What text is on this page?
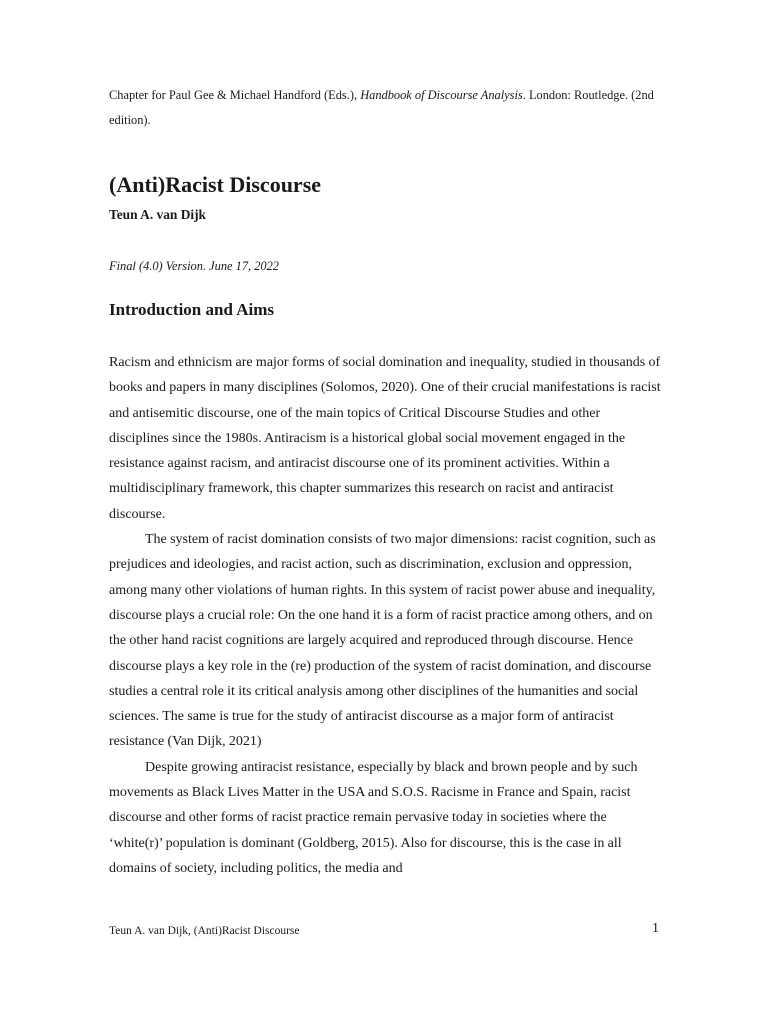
Chapter for Paul Gee & Michael Handford (Eds.), Handbook of Discourse Analysis. London: Routledge. (2nd edition).
(Anti)Racist Discourse
Teun A. van Dijk
Final (4.0) Version. June 17, 2022
Introduction and Aims

Racism and ethnicism are major forms of social domination and inequality, studied in thousands of books and papers in many disciplines (Solomos, 2020). One of their crucial manifestations is racist and antisemitic discourse, one of the main topics of Critical Discourse Studies and other disciplines since the 1980s. Antiracism is a historical global social movement engaged in the resistance against racism, and antiracist discourse one of its prominent activities. Within a multidisciplinary framework, this chapter summarizes this research on racist and antiracist discourse.

The system of racist domination consists of two major dimensions: racist cognition, such as prejudices and ideologies, and racist action, such as discrimination, exclusion and oppression, among many other violations of human rights. In this system of racist power abuse and inequality, discourse plays a crucial role: On the one hand it is a form of racist practice among others, and on the other hand racist cognitions are largely acquired and reproduced through discourse. Hence discourse plays a key role in the (re) production of the system of racist domination, and discourse studies a central role it its critical analysis among other disciplines of the humanities and social sciences. The same is true for the study of antiracist discourse as a major form of antiracist resistance (Van Dijk, 2021)

Despite growing antiracist resistance, especially by black and brown people and by such movements as Black Lives Matter in the USA and S.O.S. Racisme in France and Spain, racist discourse and other forms of racist practice remain pervasive today in societies where the ‘white(r)’ population is dominant (Goldberg, 2015). Also for discourse, this is the case in all domains of society, including politics, the media and

Teun A. van Dijk, (Anti)Racist Discourse	1
